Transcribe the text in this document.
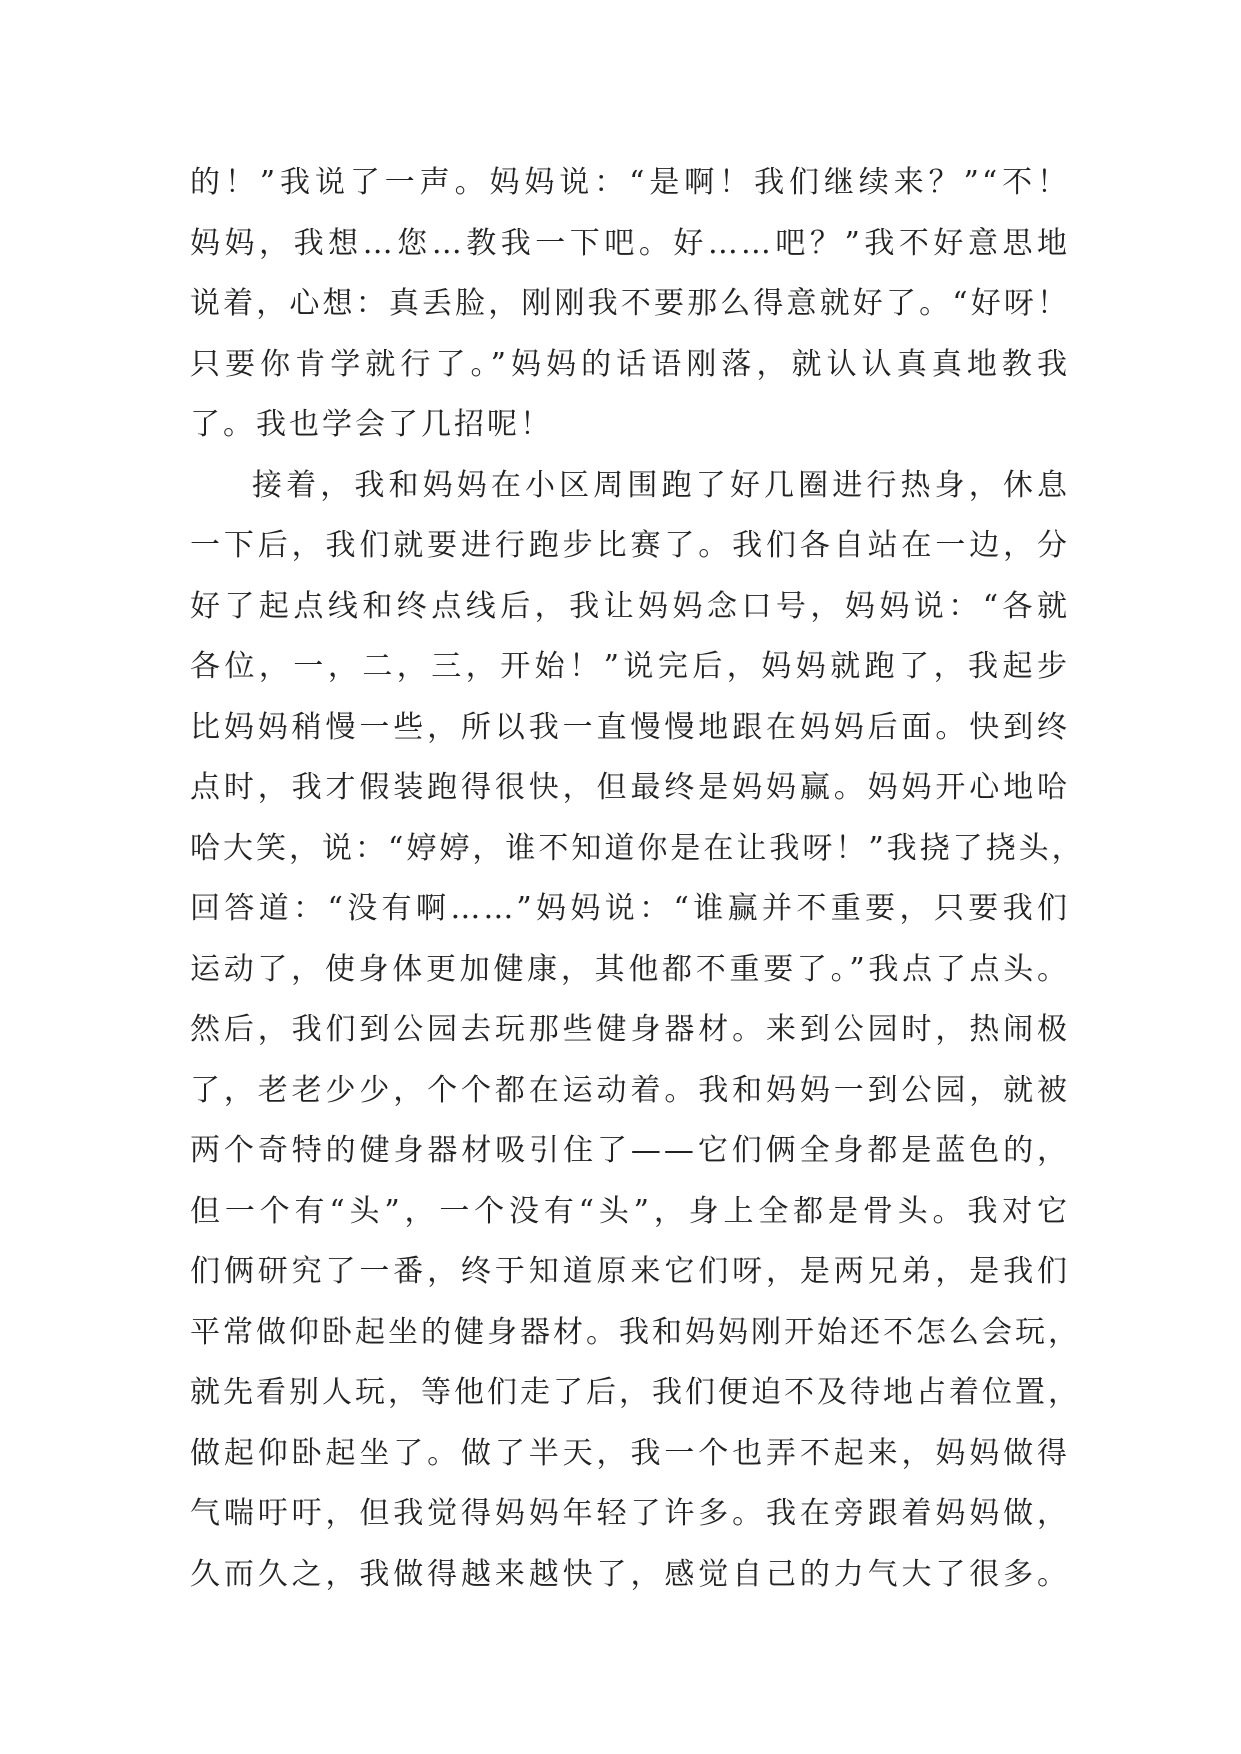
的！”我说了一声。妈妈说：“是啊！我们继续来？”“不！
妈妈，我想…您…教我一下吧。好……吧？”我不好意思地
说着，心想：真丢脸，刚刚我不要那么得意就好了。“好呀！
只要你肯学就行了。”妈妈的话语刚落，就认认真真地教我
了。我也学会了几招呢！
接着，我和妈妈在小区周围跑了好几圈进行热身，休息
一下后，我们就要进行跑步比赛了。我们各自站在一边，分
好了起点线和终点线后，我让妈妈念口号，妈妈说：“各就
各位，一，二，三，开始！”说完后，妈妈就跑了，我起步
比妈妈稍慢一些，所以我一直慢慢地跟在妈妈后面。快到终
点时，我才假装跑得很快，但最终是妈妈赢。妈妈开心地哈
哈大笑，说：“婷婷，谁不知道你是在让我呀！”我挠了挠头，
回答道：“没有啊……”妈妈说：“谁赢并不重要，只要我们
运动了，使身体更加健康，其他都不重要了。”我点了点头。
然后，我们到公园去玩那些健身器材。来到公园时，热闹极
了，老老少少，个个都在运动着。我和妈妈一到公园，就被
两个奇特的健身器材吸引住了——它们俩全身都是蓝色的，
但一个有“头”，一个没有“头”，身上全都是骨头。我对它
们俩研究了一番，终于知道原来它们呀，是两兄弟，是我们
平常做仰卧起坐的健身器材。我和妈妈刚开始还不怎么会玩，
就先看别人玩，等他们走了后，我们便迫不及待地占着位置，
做起仰卧起坐了。做了半天，我一个也弄不起来，妈妈做得
气喘吁吁，但我觉得妈妈年轻了许多。我在旁跟着妈妈做，
久而久之，我做得越来越快了，感觉自己的力气大了很多。
